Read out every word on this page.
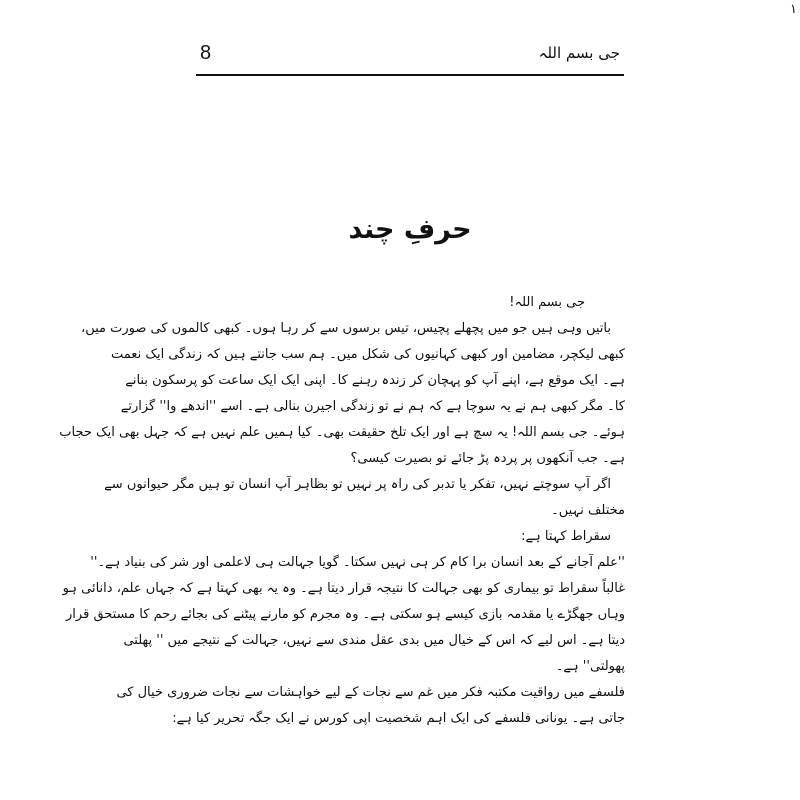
١
8	جی بسم اللہ
حرفِ چند
جی بسم اللہ!
باتیں وہی ہیں جو میں پچھلے پچیس، تیس برسوں سے کر رہا ہوں۔ کبھی کالموں کی صورت میں،
کبھی لیکچر، مضامین اور کبھی کہانیوں کی شکل میں۔ ہم سب جانتے ہیں کہ زندگی ایک نعمت
ہے۔ ایک موقع ہے، اپنے آپ کو پہچان کر زندہ رہنے کا۔ اپنی ایک ایک ساعت کو پرسکون بنانے
کا۔ مگر کبھی ہم نے یہ سوچا ہے کہ ہم نے تو زندگی اجیرن بنالی ہے۔ اسے ''اندھے وا'' گزارتے
ہوئے۔ جی بسم اللہ! یہ سچ ہے اور ایک تلخ حقیقت بھی۔ کیا ہمیں علم نہیں ہے کہ جہل بھی ایک حجاب
ہے۔ جب آنکھوں پر پردہ پڑ جائے تو بصیرت کیسی؟
اگر آپ سوچتے نہیں، تفکر یا تدبر کی راہ پر نہیں تو بظاہر آپ انسان تو ہیں مگر حیوانوں سے
مختلف نہیں۔
سقراط کہتا ہے:
''علم آجانے کے بعد انسان برا کام کر ہی نہیں سکتا۔ گویا جہالت ہی لاعلمی اور شر کی بنیاد ہے۔''
غالباً سقراط تو بیماری کو بھی جہالت کا نتیجہ قرار دیتا ہے۔ وہ یہ بھی کہتا ہے کہ جہاں علم، دانائی ہو
وہاں جھگڑے یا مقدمہ بازی کیسے ہو سکتی ہے۔ وہ مجرم کو مارنے پیٹنے کی بجائے رحم کا مستحق قرار
دیتا ہے۔ اس لیے کہ اس کے خیال میں بدی عقل مندی سے نہیں، جہالت کے نتیجے میں '' پھلتی
پھولتی'' ہے۔
فلسفے میں رواقیت مکتبہ فکر میں غم سے نجات کے لیے خواہشات سے نجات ضروری خیال کی
جاتی ہے۔ یونانی فلسفے کی ایک اہم شخصیت اپی کورس نے ایک جگہ تحریر کیا ہے:
